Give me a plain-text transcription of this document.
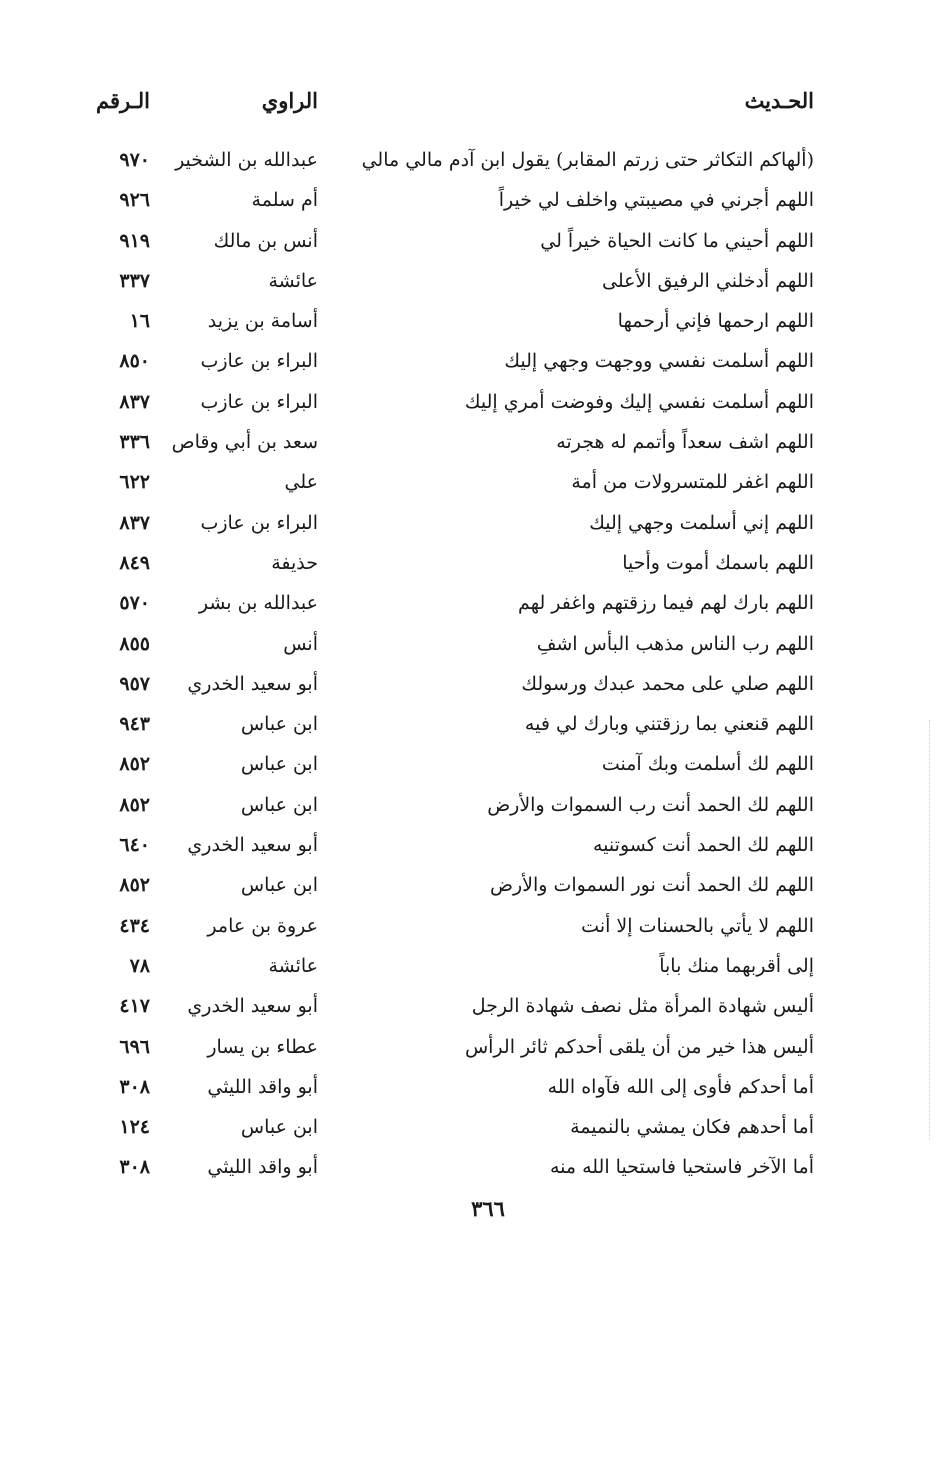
الحـديث
الراوي
الـرقم
(ألهاكم التكاثر حتى زرتم المقابر) يقول ابن آدم مالي مالي
عبدالله بن الشخير
٩٧٠
اللهم أجرني في مصيبتي واخلف لي خيراً
أم سلمة
٩٢٦
اللهم أحيني ما كانت الحياة خيراً لي
أنس بن مالك
٩١٩
اللهم أدخلني الرفيق الأعلى
عائشة
٣٣٧
اللهم ارحمها فإني أرحمها
أسامة بن يزيد
١٦
اللهم أسلمت نفسي ووجهت وجهي إليك
البراء بن عازب
٨٥٠
اللهم أسلمت نفسي إليك وفوضت أمري إليك
البراء بن عازب
٨٣٧
اللهم اشف سعداً وأتمم له هجرته
سعد بن أبي وقاص
٣٣٦
اللهم اغفر للمتسرولات من أمة
علي
٦٢٢
اللهم إني أسلمت وجهي إليك
البراء بن عازب
٨٣٧
اللهم باسمك أموت وأحيا
حذيفة
٨٤٩
اللهم بارك لهم فيما رزقتهم واغفر لهم
عبدالله بن بشر
٥٧٠
اللهم رب الناس مذهب البأس اشفِ
أنس
٨٥٥
اللهم صلي على محمد عبدك ورسولك
أبو سعيد الخدري
٩٥٧
اللهم قنعني بما رزقتني وبارك لي فيه
ابن عباس
٩٤٣
اللهم لك أسلمت وبك آمنت
ابن عباس
٨٥٢
اللهم لك الحمد أنت رب السموات والأرض
ابن عباس
٨٥٢
اللهم لك الحمد أنت كسوتنيه
أبو سعيد الخدري
٦٤٠
اللهم لك الحمد أنت نور السموات والأرض
ابن عباس
٨٥٢
اللهم لا يأتي بالحسنات إلا أنت
عروة بن عامر
٤٣٤
إلى أقربهما منك باباً
عائشة
٧٨
أليس شهادة المرأة مثل نصف شهادة الرجل
أبو سعيد الخدري
٤١٧
أليس هذا خير من أن يلقى أحدكم ثائر الرأس
عطاء بن يسار
٦٩٦
أما أحدكم فأوى إلى الله فآواه الله
أبو واقد الليثي
٣٠٨
أما أحدهم فكان يمشي بالنميمة
ابن عباس
١٢٤
أما الآخر فاستحيا فاستحيا الله منه
أبو واقد الليثي
٣٠٨
٣٦٦
